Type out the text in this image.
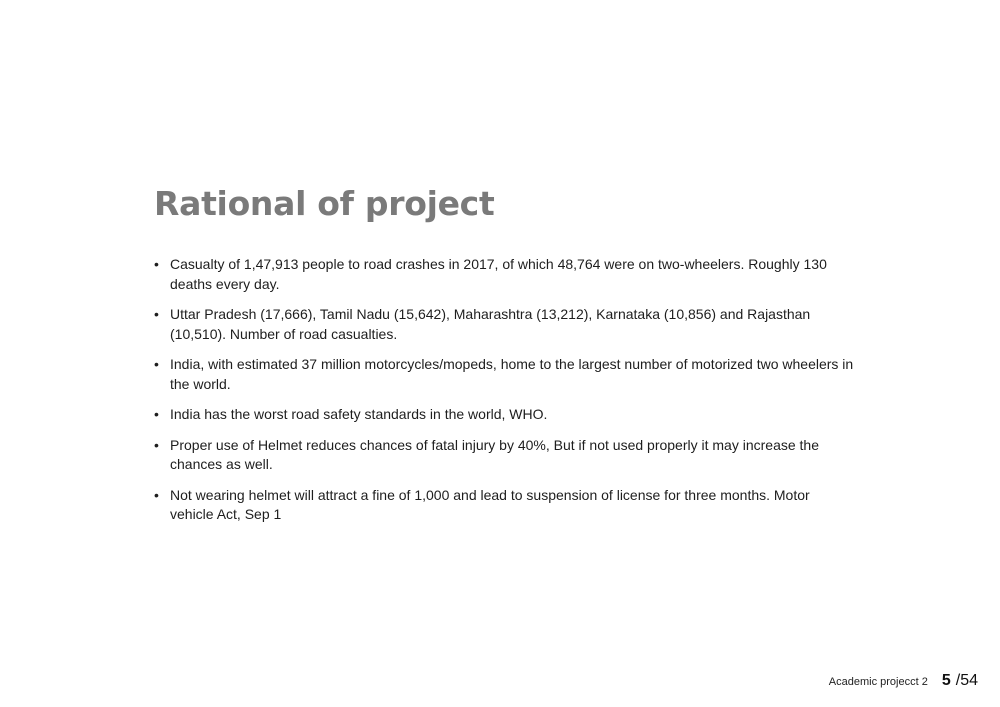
Rational of project
• Casualty of 1,47,913 people to road crashes in 2017, of which 48,764 were on two-wheelers. Roughly 130 deaths every day.
• Uttar Pradesh (17,666), Tamil Nadu (15,642), Maharashtra (13,212), Karnataka (10,856) and Rajasthan (10,510). Number of road casualties.
• India, with estimated 37 million motorcycles/mopeds, home to the largest number of motorized two wheelers in the world.
• India has the worst road safety standards in the world, WHO.
• Proper use of Helmet reduces chances of fatal injury by 40%, But if not used properly it may increase the chances as well.
• Not wearing helmet will attract a fine of 1,000 and lead to suspension of license for three months. Motor vehicle Act, Sep 1
Academic projecct 2 5 / 54
